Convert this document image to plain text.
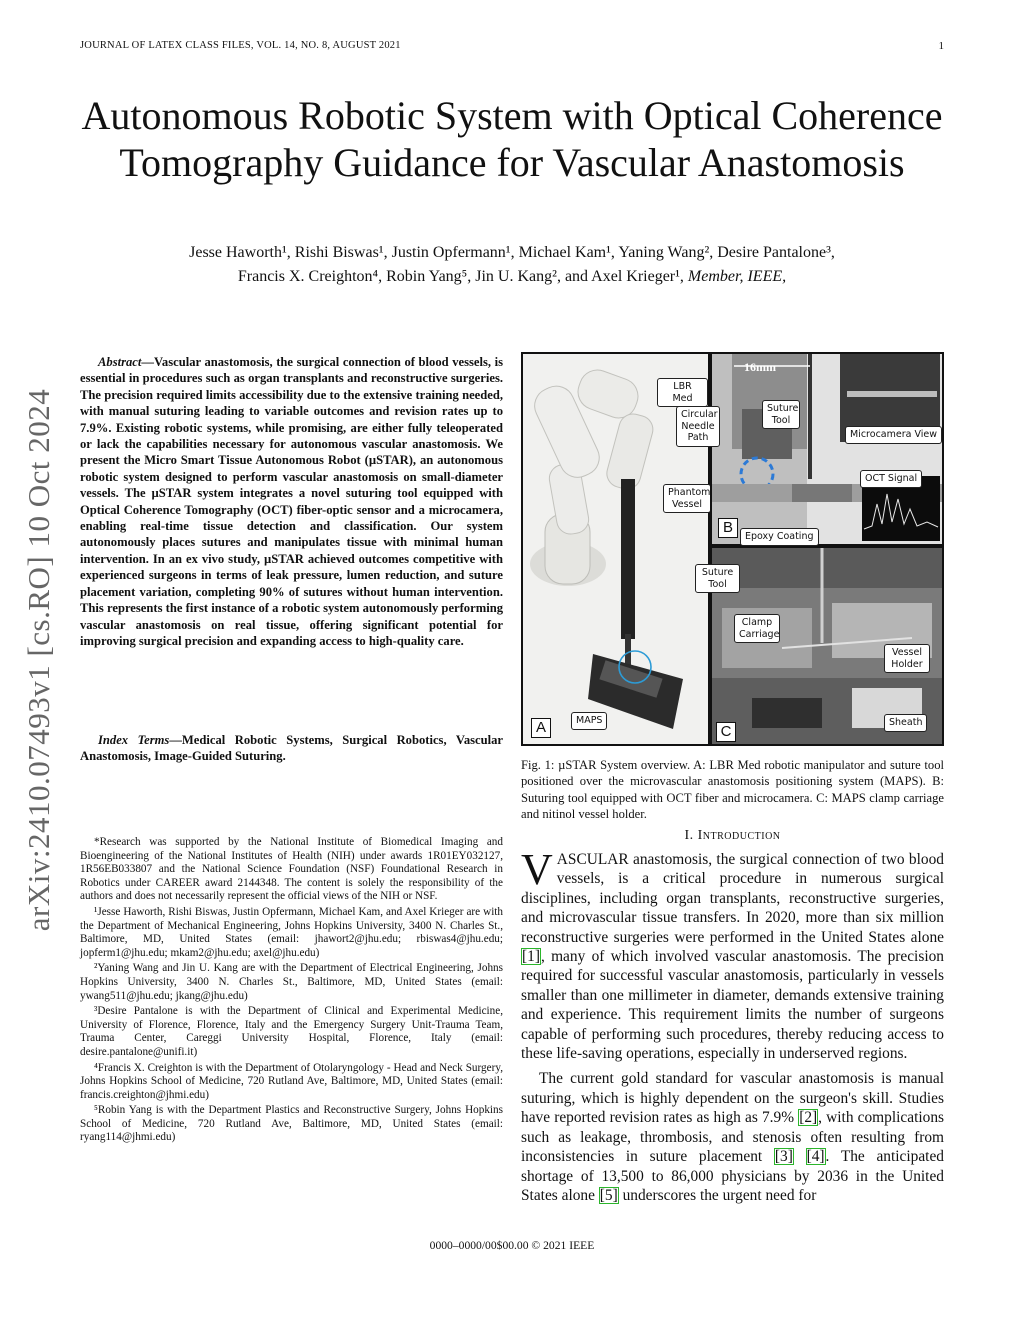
JOURNAL OF LATEX CLASS FILES, VOL. 14, NO. 8, AUGUST 2021	1
Autonomous Robotic System with Optical Coherence Tomography Guidance for Vascular Anastomosis
Jesse Haworth¹, Rishi Biswas¹, Justin Opfermann¹, Michael Kam¹, Yaning Wang², Desire Pantalone³,
Francis X. Creighton⁴, Robin Yang⁵, Jin U. Kang², and Axel Krieger¹, Member, IEEE,
arXiv:2410.07493v1 [cs.RO] 10 Oct 2024
Abstract—Vascular anastomosis, the surgical connection of blood vessels, is essential in procedures such as organ transplants and reconstructive surgeries. The precision required limits accessibility due to the extensive training needed, with manual suturing leading to variable outcomes and revision rates up to 7.9%. Existing robotic systems, while promising, are either fully teleoperated or lack the capabilities necessary for autonomous vascular anastomosis. We present the Micro Smart Tissue Autonomous Robot (µSTAR), an autonomous robotic system designed to perform vascular anastomosis on small-diameter vessels. The µSTAR system integrates a novel suturing tool equipped with Optical Coherence Tomography (OCT) fiber-optic sensor and a microcamera, enabling real-time tissue detection and classification. Our system autonomously places sutures and manipulates tissue with minimal human intervention. In an ex vivo study, µSTAR achieved outcomes competitive with experienced surgeons in terms of leak pressure, lumen reduction, and suture placement variation, completing 90% of sutures without human intervention. This represents the first instance of a robotic system autonomously performing vascular anastomosis on real tissue, offering significant potential for improving surgical precision and expanding access to high-quality care.
Index Terms—Medical Robotic Systems, Surgical Robotics, Vascular Anastomosis, Image-Guided Suturing.

*Research was supported by the National Institute of Biomedical Imaging and Bioengineering of the National Institutes of Health (NIH) under awards 1R01EY032127, 1R56EB033807 and the National Science Foundation (NSF) Foundational Research in Robotics under CAREER award 2144348. The content is solely the responsibility of the authors and does not necessarily represent the official views of the NIH or NSF.

¹Jesse Haworth, Rishi Biswas, Justin Opfermann, Michael Kam, and Axel Krieger are with the Department of Mechanical Engineering, Johns Hopkins University, 3400 N. Charles St., Baltimore, MD, United States (email: jhawort2@jhu.edu; rbiswas4@jhu.edu; jopferm1@jhu.edu; mkam2@jhu.edu; axel@jhu.edu)

²Yaning Wang and Jin U. Kang are with the Department of Electrical Engineering, Johns Hopkins University, 3400 N. Charles St., Baltimore, MD, United States (email: ywang511@jhu.edu; jkang@jhu.edu)

³Desire Pantalone is with the Department of Clinical and Experimental Medicine, University of Florence, Florence, Italy and the Emergency Surgery Unit-Trauma Team, Trauma Center, Careggi University Hospital, Florence, Italy (email: desire.pantalone@unifi.it)

⁴Francis X. Creighton is with the Department of Otolaryngology - Head and Neck Surgery, Johns Hopkins School of Medicine, 720 Rutland Ave, Baltimore, MD, United States (email: francis.creighton@jhmi.edu)

⁵Robin Yang is with the Department Plastics and Reconstructive Surgery, Johns Hopkins School of Medicine, 720 Rutland Ave, Baltimore, MD, United States (email: ryang114@jhmi.edu)

LBR Med
Phantom Vessel
Suture Tool
MAPS
A
16mm
Circular Needle Path
Suture Tool
Microcamera View
OCT Signal
Epoxy Coating
B
Clamp Carriage
Vessel Holder
Sheath
C
Fig. 1: µSTAR System overview. A: LBR Med robotic manipulator and suture tool positioned over the microvascular anastomosis positioning system (MAPS). B: Suturing tool equipped with OCT fiber and microcamera. C: MAPS clamp carriage and nitinol vessel holder.
I. Introduction

VASCULAR anastomosis, the surgical connection of two blood vessels, is a critical procedure in numerous surgical disciplines, including organ transplants, reconstructive surgeries, and microvascular tissue transfers. In 2020, more than six million reconstructive surgeries were performed in the United States alone [1], many of which involved vascular anastomosis. The precision required for successful vascular anastomosis, particularly in vessels smaller than one millimeter in diameter, demands extensive training and experience. This requirement limits the number of surgeons capable of performing such procedures, thereby reducing access to these life-saving operations, especially in underserved regions.

The current gold standard for vascular anastomosis is manual suturing, which is highly dependent on the surgeon's skill. Studies have reported revision rates as high as 7.9% [2], with complications such as leakage, thrombosis, and stenosis often resulting from inconsistencies in suture placement [3] [4]. The anticipated shortage of 13,500 to 86,000 physicians by 2036 in the United States alone [5] underscores the urgent need for

0000–0000/00$00.00 © 2021 IEEE
